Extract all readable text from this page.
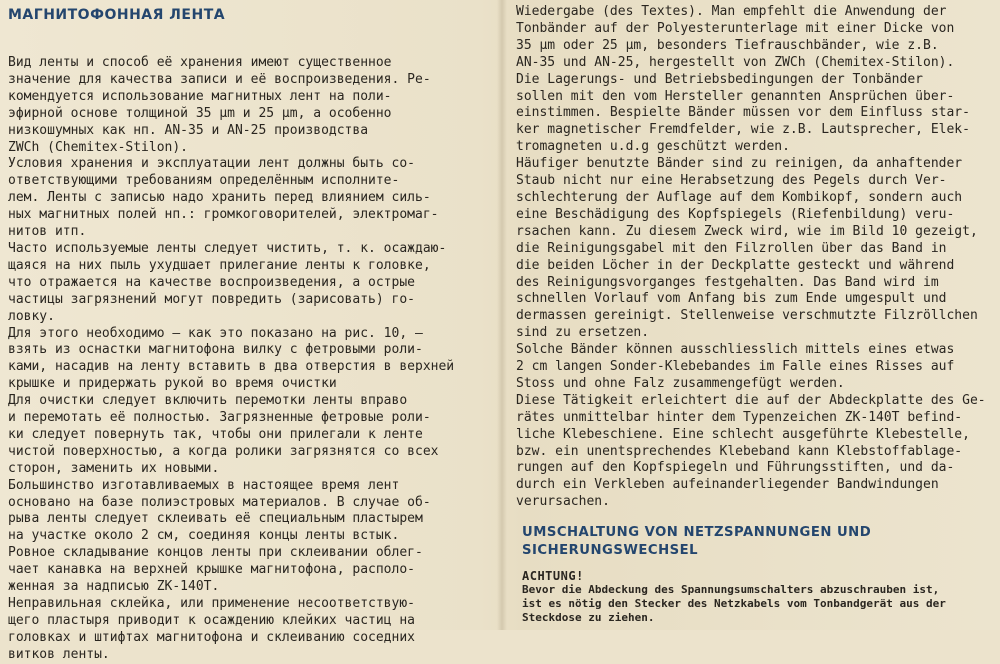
МАГНИТОФОННАЯ ЛЕНТА

Вид ленты и способ её хранения имеют существенное
значение для качества записи и её воспроизведения. Ре-
комендуется использование магнитных лент на поли-
эфирной основе толщиной 35 µm и 25 µm, а особенно
низкошумных как нп. AN-35 и AN-25 производства
ZWCh (Chemitex-Stilon).

Условия хранения и эксплуатации лент должны быть со-
ответствующими требованиям определённым исполните-
лем. Ленты с записью надо хранить перед влиянием силь-
ных магнитных полей нп.: громкоговорителей, электромаг-
нитов итп.

Часто используемые ленты следует чистить, т. к. осаждаю-
щаяся на них пыль ухудшает прилегание ленты к головке,
что отражается на качестве воспроизведения, а острые
частицы загрязнений могут повредить (зарисовать) го-
ловку.

Для этого необходимо — как это показано на рис. 10, —
взять из оснастки магнитофона вилку с фетровыми роли-
ками, насадив на ленту вставить в два отверстия в верхней
крышке и придержать рукой во время очистки

Для очистки следует включить перемотки ленты вправо
и перемотать её полностью. Загрязненные фетровые роли-
ки следует повернуть так, чтобы они прилегали к ленте
чистой поверхностью, а когда ролики загрязнятся со всех
сторон, заменить их новыми.

Большинство изготавливаемых в настоящее время лент
основано на базе полиэстровых материалов. В случае об-
рыва ленты следует склеивать её специальным пластырем
на участке около 2 см, соединяя концы ленты встык.

Ровное складывание концов ленты при склеивании облег-
чает канавка на верхней крышке магнитофона, располо-
женная за надписью ZK-140T.

Неправильная склейка, или применение несоответствую-
щего пластыря приводит к осаждению клейких частиц на
головках и штифтах магнитофона и склеиванию соседних
витков ленты.

Wiedergabe (des Textes). Man empfehlt die Anwendung der
Tonbänder auf der Polyesterunterlage mit einer Dicke von
35 µm oder 25 µm, besonders Tiefrauschbänder, wie z.B.
AN-35 und AN-25, hergestellt von ZWCh (Chemitex-Stilon).
Die Lagerungs- und Betriebsbedingungen der Tonbänder
sollen mit den vom Hersteller genannten Ansprüchen über-
einstimmen. Bespielte Bänder müssen vor dem Einfluss star-
ker magnetischer Fremdfelder, wie z.B. Lautsprecher, Elek-
tromagneten u.d.g geschützt werden.

Häufiger benutzte Bänder sind zu reinigen, da anhaftender
Staub nicht nur eine Herabsetzung des Pegels durch Ver-
schlechterung der Auflage auf dem Kombikopf, sondern auch
eine Beschädigung des Kopfspiegels (Riefenbildung) veru-
rsachen kann. Zu diesem Zweck wird, wie im Bild 10 gezeigt,
die Reinigungsgabel mit den Filzrollen über das Band in
die beiden Löcher in der Deckplatte gesteckt und während
des Reinigungsvorganges festgehalten. Das Band wird im
schnellen Vorlauf vom Anfang bis zum Ende umgespult und
dermassen gereinigt. Stellenweise verschmutzte Filzröllchen
sind zu ersetzen.

Solche Bänder können ausschliesslich mittels eines etwas
2 cm langen Sonder-Klebebandes im Falle eines Risses auf
Stoss und ohne Falz zusammengefügt werden.

Diese Tätigkeit erleichtert die auf der Abdeckplatte des Ge-
rätes unmittelbar hinter dem Typenzeichen ZK-140T befind-
liche Klebeschiene. Eine schlecht ausgeführte Klebestelle,
bzw. ein unentsprechendes Klebeband kann Klebstoffablage-
rungen auf den Kopfspiegeln und Führungsstiften, und da-
durch ein Verkleben aufeinanderliegender Bandwindungen
verursachen.

UMSCHALTUNG VON NETZSPANNUNGEN UND
SICHERUNGSWECHSEL
ACHTUNG!
Bevor die Abdeckung des Spannungsumschalters abzuschrauben ist,
ist es nötig den Stecker des Netzkabels vom Tonbandgerät aus der
Steckdose zu ziehen.
